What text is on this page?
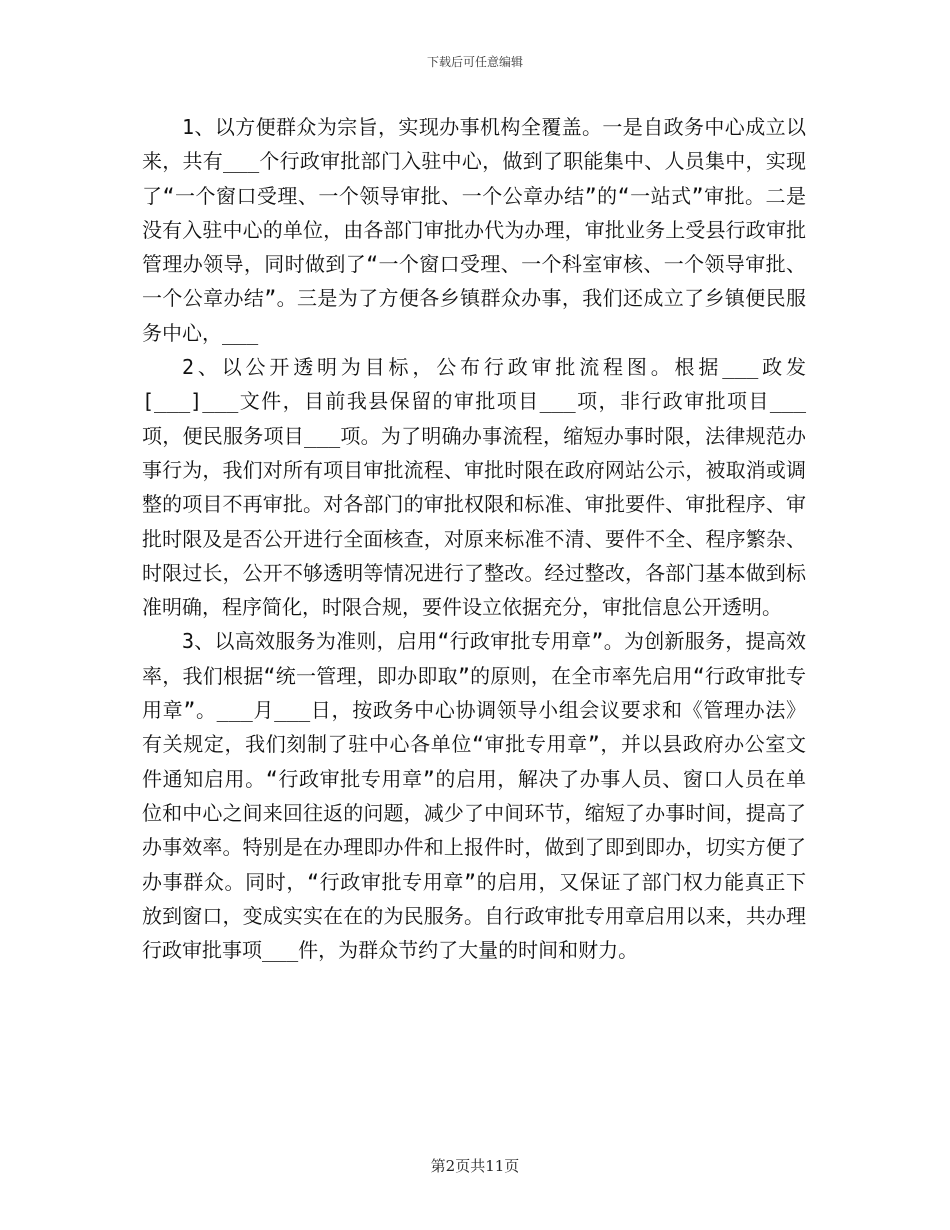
下载后可任意编辑

1、以方便群众为宗旨，实现办事机构全覆盖。一是自政务中心成立以来，共有___个行政审批部门入驻中心，做到了职能集中、人员集中，实现了“一个窗口受理、一个领导审批、一个公章办结”的“一站式”审批。二是没有入驻中心的单位，由各部门审批办代为办理，审批业务上受县行政审批管理办领导，同时做到了“一个窗口受理、一个科室审核、一个领导审批、一个公章办结”。三是为了方便各乡镇群众办事，我们还成立了乡镇便民服务中心，___

2、以公开透明为目标，公布行政审批流程图。根据___政发[___]___文件，目前我县保留的审批项目___项，非行政审批项目___项，便民服务项目___项。为了明确办事流程，缩短办事时限，法律规范办事行为，我们对所有项目审批流程、审批时限在政府网站公示，被取消或调整的项目不再审批。对各部门的审批权限和标准、审批要件、审批程序、审批时限及是否公开进行全面核查，对原来标准不清、要件不全、程序繁杂、时限过长，公开不够透明等情况进行了整改。经过整改，各部门基本做到标准明确，程序简化，时限合规，要件设立依据充分，审批信息公开透明。

3、以高效服务为准则，启用“行政审批专用章”。为创新服务，提高效率，我们根据“统一管理，即办即取”的原则，在全市率先启用“行政审批专用章”。___月___日，按政务中心协调领导小组会议要求和《管理办法》有关规定，我们刻制了驻中心各单位“审批专用章”，并以县政府办公室文件通知启用。“行政审批专用章”的启用，解决了办事人员、窗口人员在单位和中心之间来回往返的问题，减少了中间环节，缩短了办事时间，提高了办事效率。特别是在办理即办件和上报件时，做到了即到即办，切实方便了办事群众。同时，“行政审批专用章”的启用，又保证了部门权力能真正下放到窗口，变成实实在在的为民服务。自行政审批专用章启用以来，共办理行政审批事项___件，为群众节约了大量的时间和财力。

第2页共11页
